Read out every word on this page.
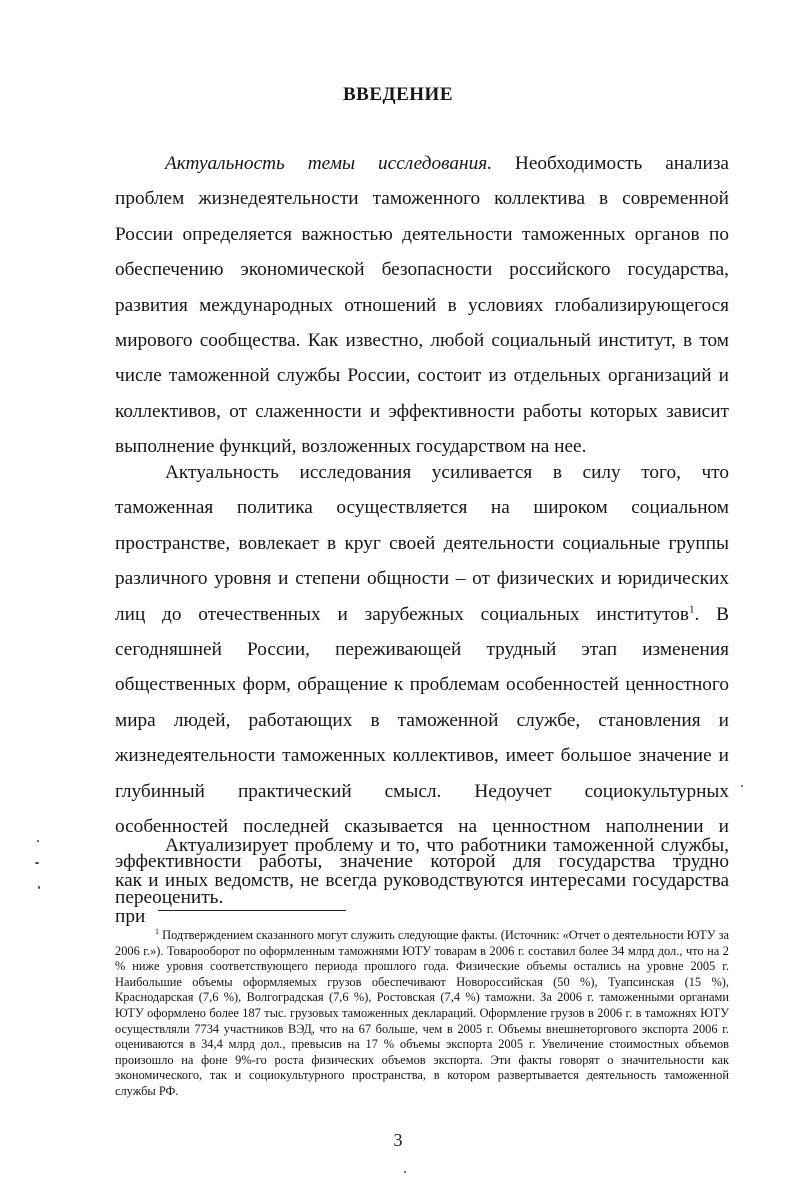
ВВЕДЕНИЕ

Актуальность темы исследования. Необходимость анализа проблем жизнедеятельности таможенного коллектива в современной России определяется важностью деятельности таможенных органов по обеспечению экономической безопасности российского государства, развития международных отношений в условиях глобализирующегося мирового сообщества. Как известно, любой социальный институт, в том числе таможенной службы России, состоит из отдельных организаций и коллективов, от слаженности и эффективности работы которых зависит выполнение функций, возложенных государством на нее.

Актуальность исследования усиливается в силу того, что таможенная политика осуществляется на широком социальном пространстве, вовлекает в круг своей деятельности социальные группы различного уровня и степени общности – от физических и юридических лиц до отечественных и зарубежных социальных институтов$^1$. В сегодняшней России, переживающей трудный этап изменения общественных форм, обращение к проблемам особенностей ценностного мира людей, работающих в таможенной службе, становления и жизнедеятельности таможенных коллективов, имеет большое значение и глубинный практический смысл. Недоучет социокультурных особенностей последней сказывается на ценностном наполнении и эффективности работы, значение которой для государства трудно переоценить.

Актуализирует проблему и то, что работники таможенной службы, как и иных ведомств, не всегда руководствуются интересами государства при

$^1$ Подтверждением сказанного могут служить следующие факты. (Источник: «Отчет о деятельности ЮТУ за 2006 г.»). Товарооборот по оформленным таможнями ЮТУ товарам в 2006 г. составил более 34 млрд дол., что на 2 % ниже уровня соответствующего периода прошлого года. Физические объемы остались на уровне 2005 г. Наибольшие объемы оформляемых грузов обеспечивают Новороссийская (50 %), Туапсинская (15 %), Краснодарская (7,6 %), Волгоградская (7,6 %), Ростовская (7,4 %) таможни. За 2006 г. таможенными органами ЮТУ оформлено более 187 тыс. грузовых таможенных деклараций. Оформление грузов в 2006 г. в таможнях ЮТУ осуществляли 7734 участников ВЭД, что на 67 больше, чем в 2005 г. Объемы внешнеторгового экспорта 2006 г. оцениваются в 34,4 млрд дол., превысив на 17 % объемы экспорта 2005 г. Увеличение стоимостных объемов произошло на фоне 9%-го роста физических объемов экспорта. Эти факты говорят о значительности как экономического, так и социокультурного пространства, в котором развертывается деятельность таможенной службы РФ.

3
